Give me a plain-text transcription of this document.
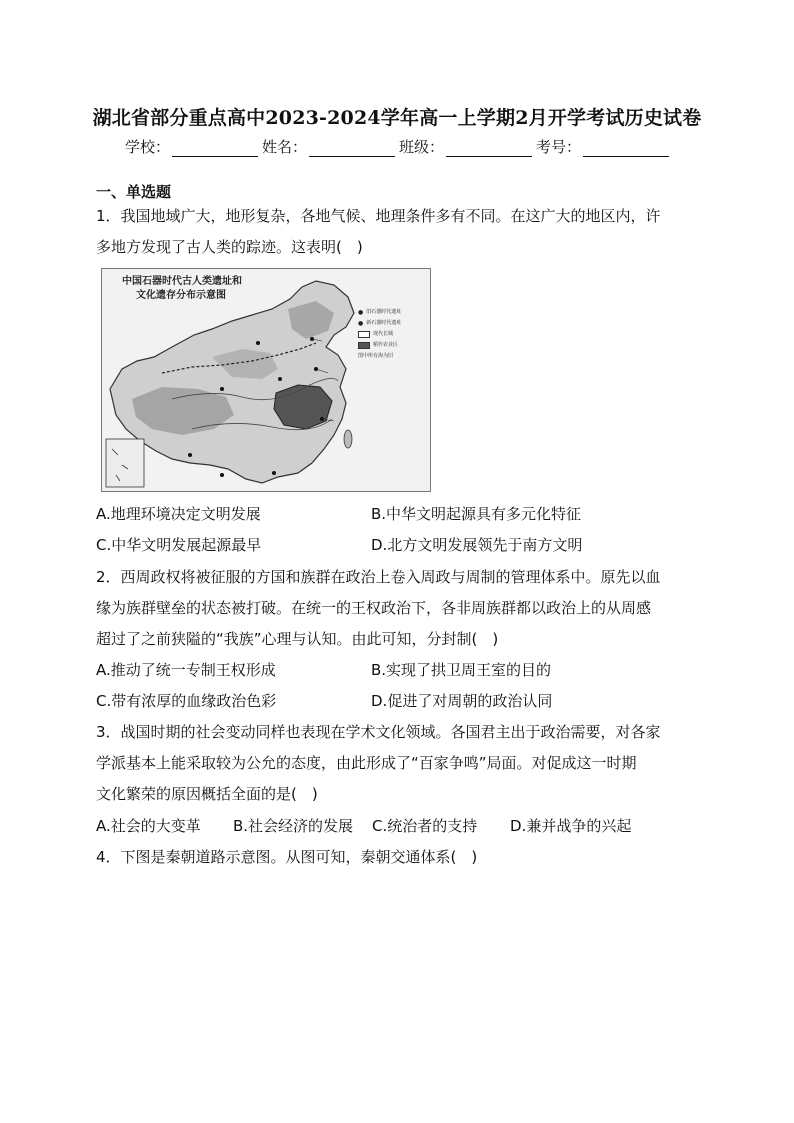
湖北省部分重点高中2023-2024学年高一上学期2月开学考试历史试卷
学校：	姓名：	班级：	考号：
一、单选题
1．我国地域广大，地形复杂，各地气候、地理条件多有不同。在这广大的地区内，许
多地方发现了古人类的踪迹。这表明(　)
中国石器时代古人类遗址和
文化遗存分布示意图
● 旧石器时代遗址
● 新石器时代遗址
现代长城
稻作农业区
图中所有海为旧
A.地理环境决定文明发展	B.中华文明起源具有多元化特征
C.中华文明发展起源最早	D.北方文明发展领先于南方文明
2．西周政权将被征服的方国和族群在政治上卷入周政与周制的管理体系中。原先以血
缘为族群壁垒的状态被打破。在统一的王权政治下，各非周族群都以政治上的从周感
超过了之前狭隘的“我族”心理与认知。由此可知，分封制(　)
A.推动了统一专制王权形成	B.实现了拱卫周王室的目的
C.带有浓厚的血缘政治色彩	D.促进了对周朝的政治认同
3．战国时期的社会变动同样也表现在学术文化领域。各国君主出于政治需要，对各家
学派基本上能采取较为公允的态度，由此形成了“百家争鸣”局面。对促成这一时期
文化繁荣的原因概括全面的是(　)
A.社会的大变革 B.社会经济的发展 C.统治者的支持 D.兼并战争的兴起
4．下图是秦朝道路示意图。从图可知，秦朝交通体系(　)
